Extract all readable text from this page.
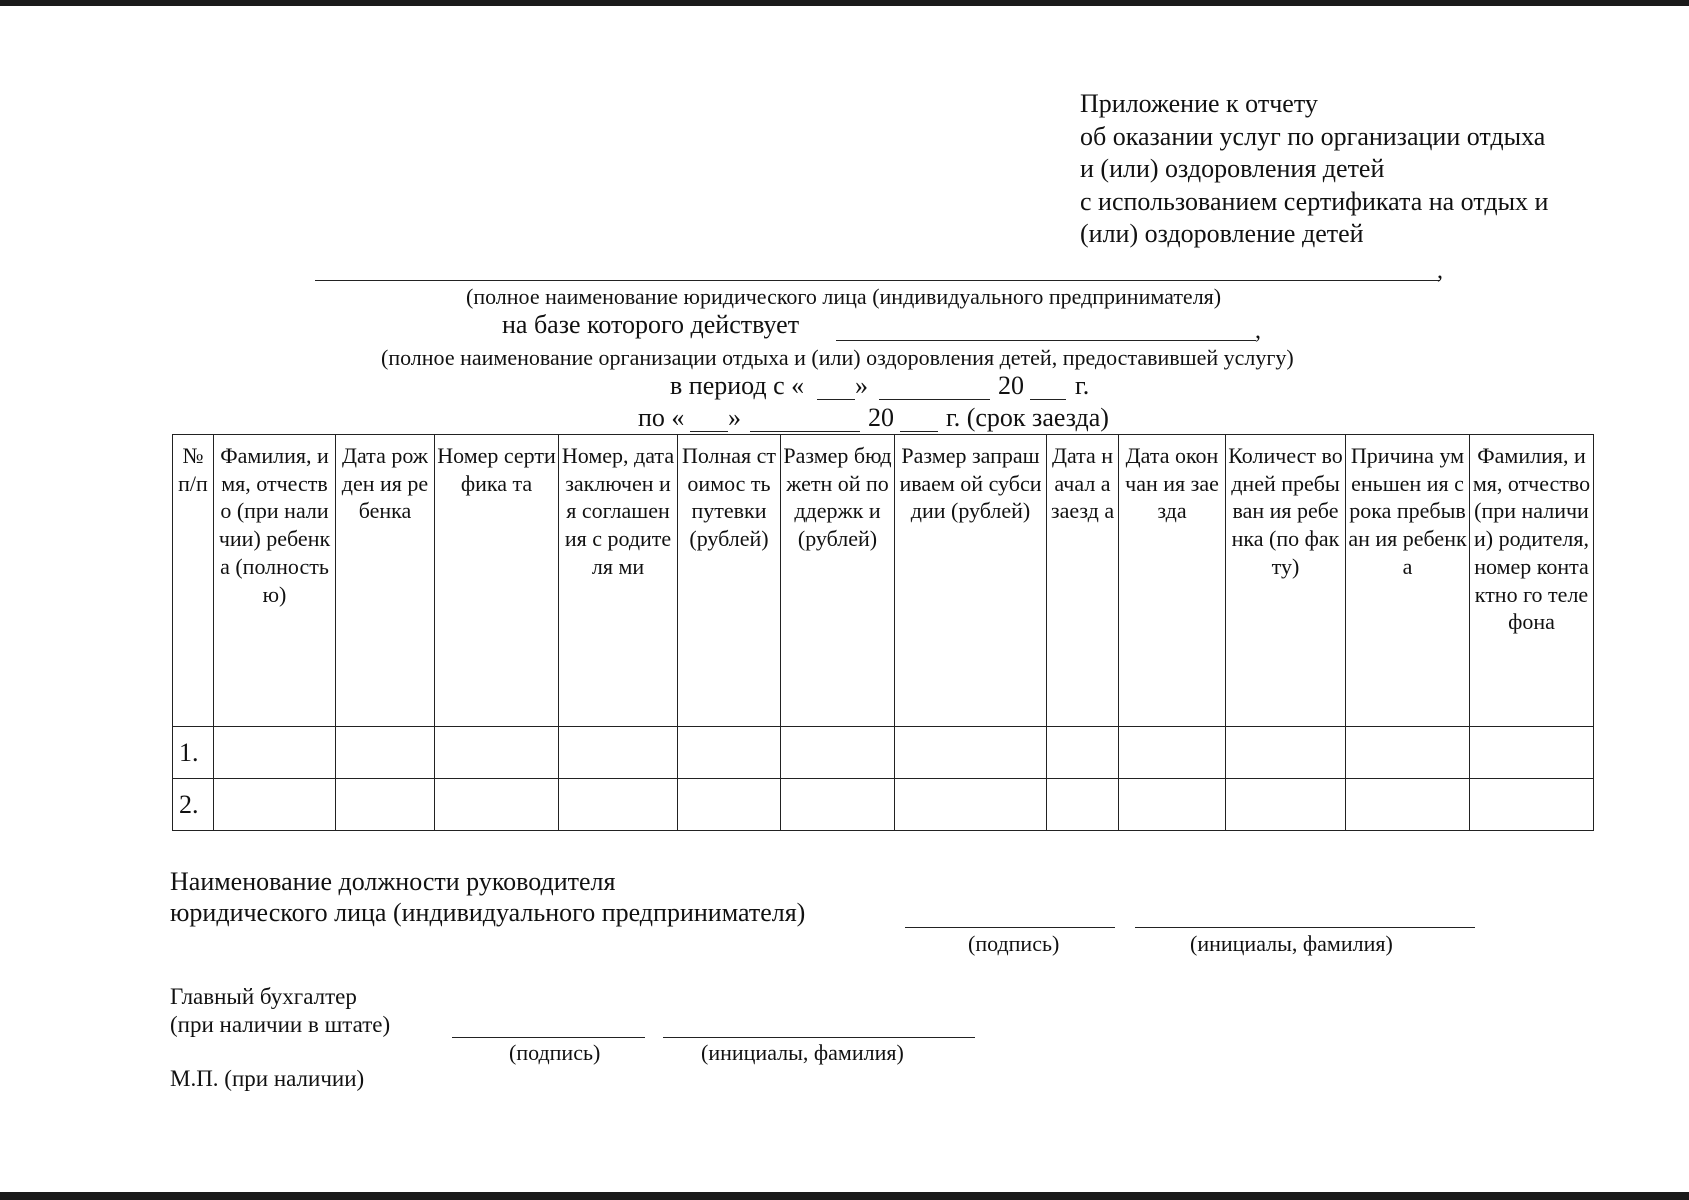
Приложение к отчету
об оказании услуг по организации отдыха
и (или) оздоровления детей
с использованием сертификата на отдых и
(или) оздоровление детей
,
(полное наименование юридического лица (индивидуального предпринимателя)
на базе которого действует	,
(полное наименование организации отдыха и (или) оздоровления детей, предоставившей услугу)
в период с « »	20 г.
по « »	20 г. (срок заезда)
№ п/п	Фамилия, имя, отчество (при наличии) ребенка (полность ю)	Дата рожден ия ребенка	Номер сертифика та	Номер, дата заключен ия соглашен ия с родителя ми	Полная стоимос ть путевки (рублей)	Размер бюджетн ой поддержк и (рублей)	Размер запрашиваем ой субсидии (рублей)	Дата начал а заезд а	Дата окончан ия заезда	Количест во дней пребыван ия ребенка (по факту)	Причина уменьшен ия срока пребыван ия ребенка	Фамилия, имя, отчество (при наличии) родителя, номер контактно го телефона
1.												
2.												
Наименование должности руководителя
юридического лица (индивидуального предпринимателя)
(подпись)	(инициалы, фамилия)
Главный бухгалтер
(при наличии в штате)
(подпись)	(инициалы, фамилия)
М.П. (при наличии)
